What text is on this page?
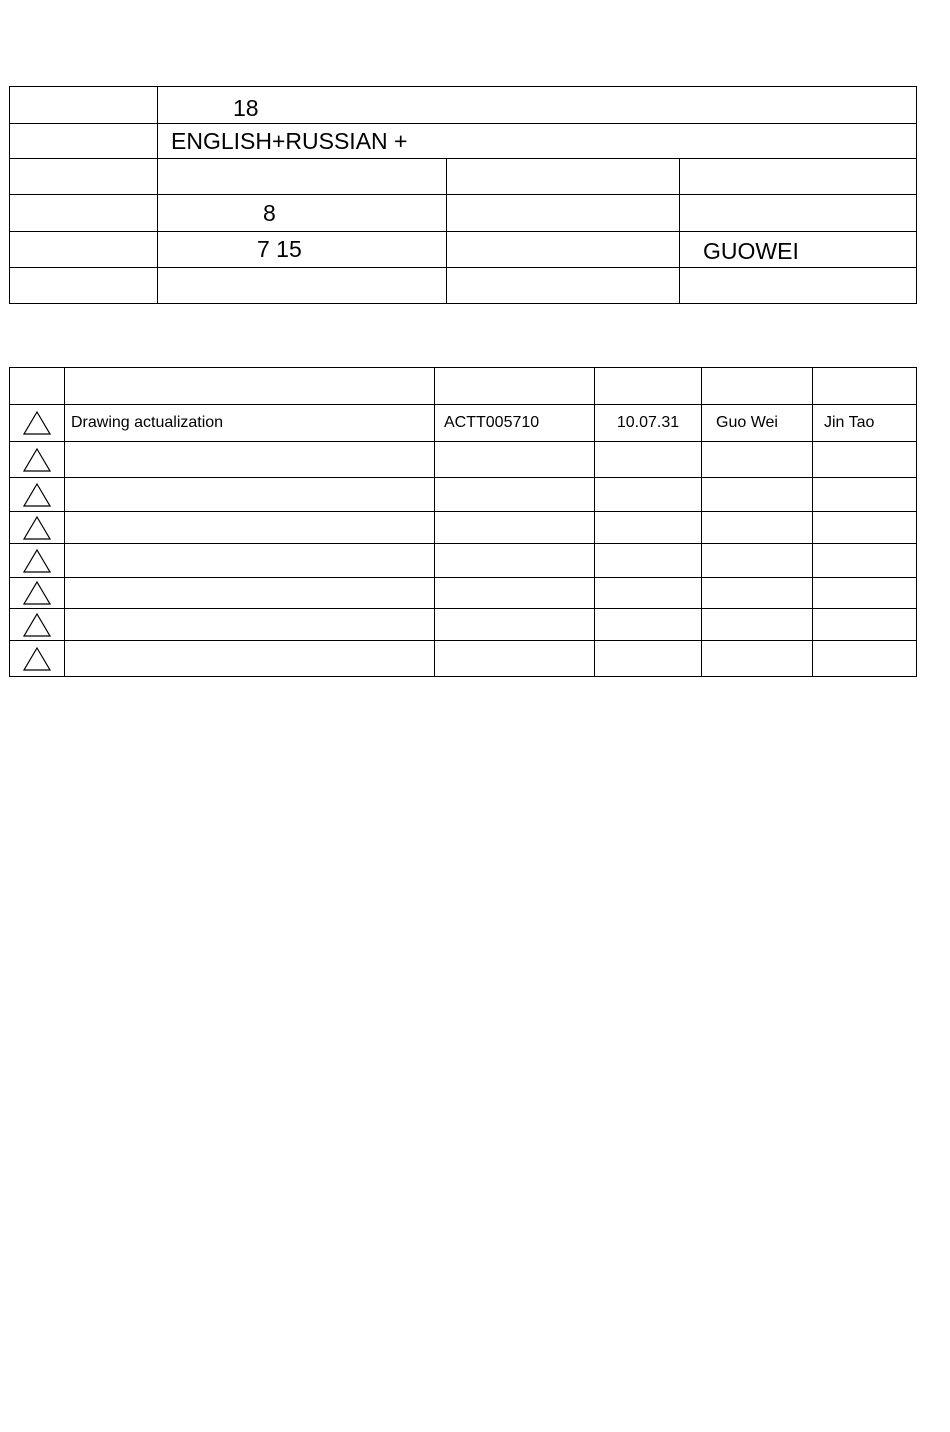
	18		
	ENGLISH+RUSSIAN +		

	8		
	7 15		GUOWEI

	Drawing actualization	ACTT005710	10.07.31	Guo Wei	Jin Tao
